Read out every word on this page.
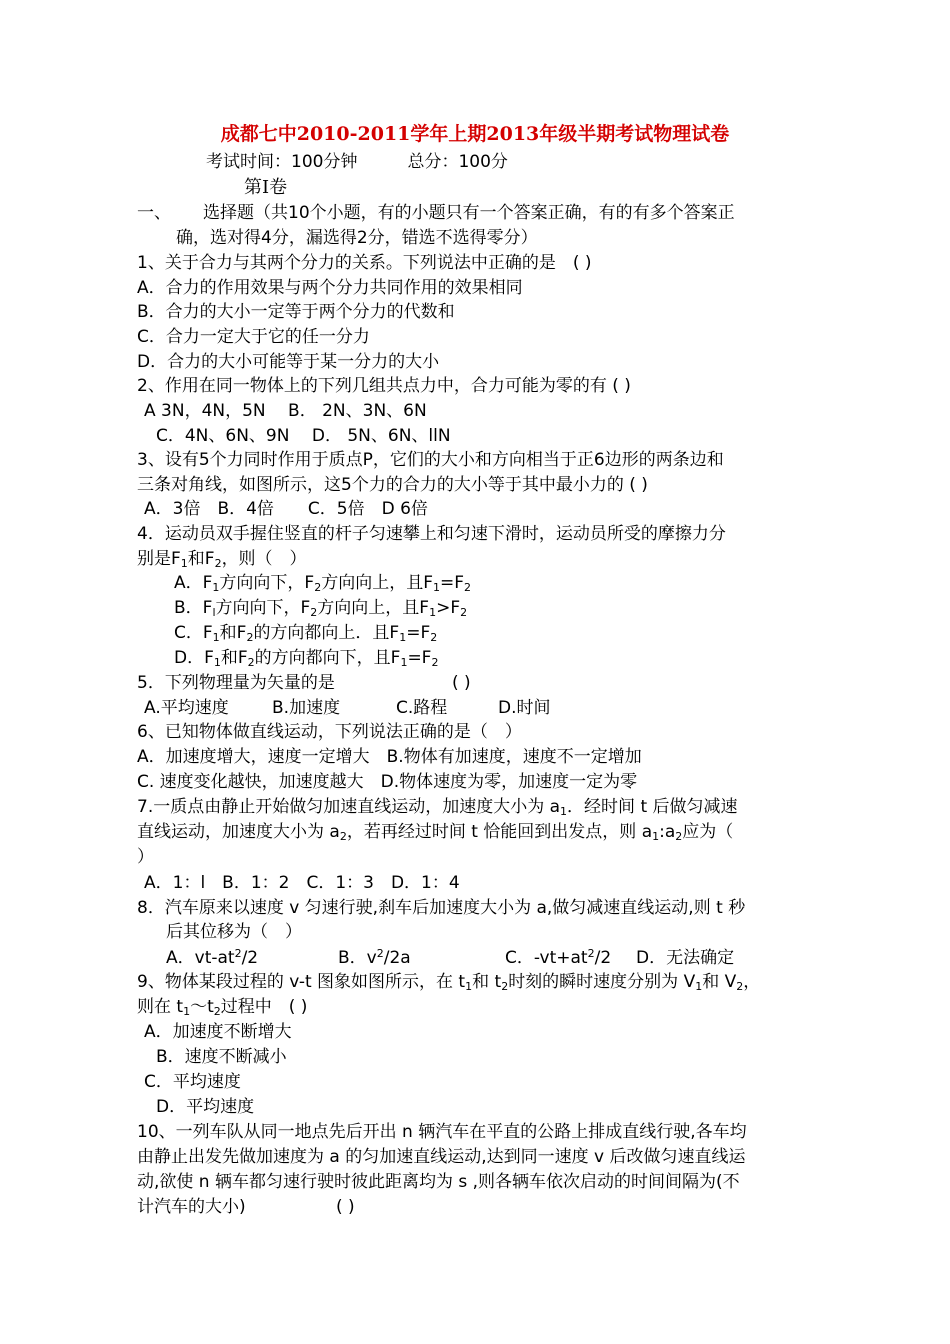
成都七中2010-2011学年上期2013年级半期考试物理试卷
考试时间：100分钟	总分：100分
第Ⅰ卷
一、 选择题（共10个小题，有的小题只有一个答案正确，有的有多个答案正
确，选对得4分，漏选得2分，错选不选得零分）
1、关于合力与其两个分力的关系。下列说法中正确的是　( )
A．合力的作用效果与两个分力共同作用的效果相同
B．合力的大小一定等于两个分力的代数和
C．合力一定大于它的任一分力
D．合力的大小可能等于某一分力的大小
2、作用在同一物体上的下列几组共点力中，合力可能为零的有 ( )
A 3N，4N，5N　 B． 2N、3N、6N
C．4N、6N、9N　 D． 5N、6N、llN
3、设有5个力同时作用于质点P，它们的大小和方向相当于正6边形的两条边和
三条对角线，如图所示，这5个力的合力的大小等于其中最小力的 ( )
A．3倍　B．4倍　　C．5倍　D 6倍
4．运动员双手握住竖直的杆子匀速攀上和匀速下滑时，运动员所受的摩擦力分
别是$F_1$和$F_2$，则（　）
A．$F_1$方向向下，$F_2$方向向上，且$F_1=F_2$
B．$F_l$方向向下，$F_2$方向向上，且$F_1>F_2$
C．$F_1$和$F_2$的方向都向上．且$F_1=F_2$
D．$F_1$和$F_2$的方向都向下，且$F_1=F_2$
5．下列物理量为矢量的是	( )
A.平均速度	B.加速度	C.路程	D.时间
6、已知物体做直线运动，下列说法正确的是（　）
A．加速度增大，速度一定增大　B.物体有加速度，速度不一定增加
C. 速度变化越快，加速度越大　D.物体速度为零，加速度一定为零
7.一质点由静止开始做匀加速直线运动，加速度大小为 $a_1$．经时间 t 后做匀减速
直线运动，加速度大小为 $a_2$，若再经过时间 t 恰能回到出发点，则 $a_1:a_2$应为（
）
A．1：l　B．1：2　C．1：3　D．1：4
8．汽车原来以速度 v 匀速行驶,刹车后加速度大小为 a,做匀减速直线运动,则 t 秒
后其位移为（　）
A．$vt-at^2/2$	B．$v^2/2a$	C．$-vt+at^2/2$ D．无法确定
9、物体某段过程的 v-t 图象如图所示，在 $t_1$和 $t_2$时刻的瞬时速度分别为 $V_1$和 $V_2$，
则在 $t_1\sim t_2$过程中　( )
A．加速度不断增大
B．速度不断减小
C．平均速度
D．平均速度
10、一列车队从同一地点先后开出 n 辆汽车在平直的公路上排成直线行驶,各车均
由静止出发先做加速度为 a 的匀加速直线运动,达到同一速度 v 后改做匀速直线运
动,欲使 n 辆车都匀速行驶时彼此距离均为 s ,则各辆车依次启动的时间间隔为(不
计汽车的大小)	( )
